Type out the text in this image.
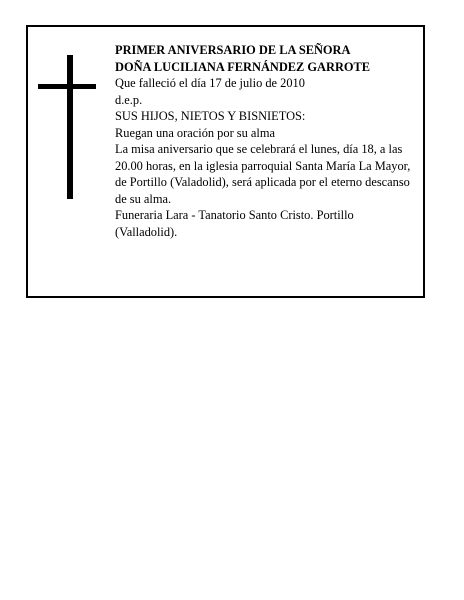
PRIMER ANIVERSARIO DE LA SEÑORA

DOÑA LUCILIANA FERNÁNDEZ GARROTE

Que falleció el día 17 de julio de 2010

d.e.p.

SUS HIJOS, NIETOS Y BISNIETOS:

Ruegan una oración por su alma

La misa aniversario que se celebrará el lunes, día 18, a las 20.00 horas, en la iglesia parroquial Santa María La Mayor, de Portillo (Valadolid), será aplicada por el eterno descanso de su alma.

Funeraria Lara - Tanatorio Santo Cristo. Portillo (Valladolid).
